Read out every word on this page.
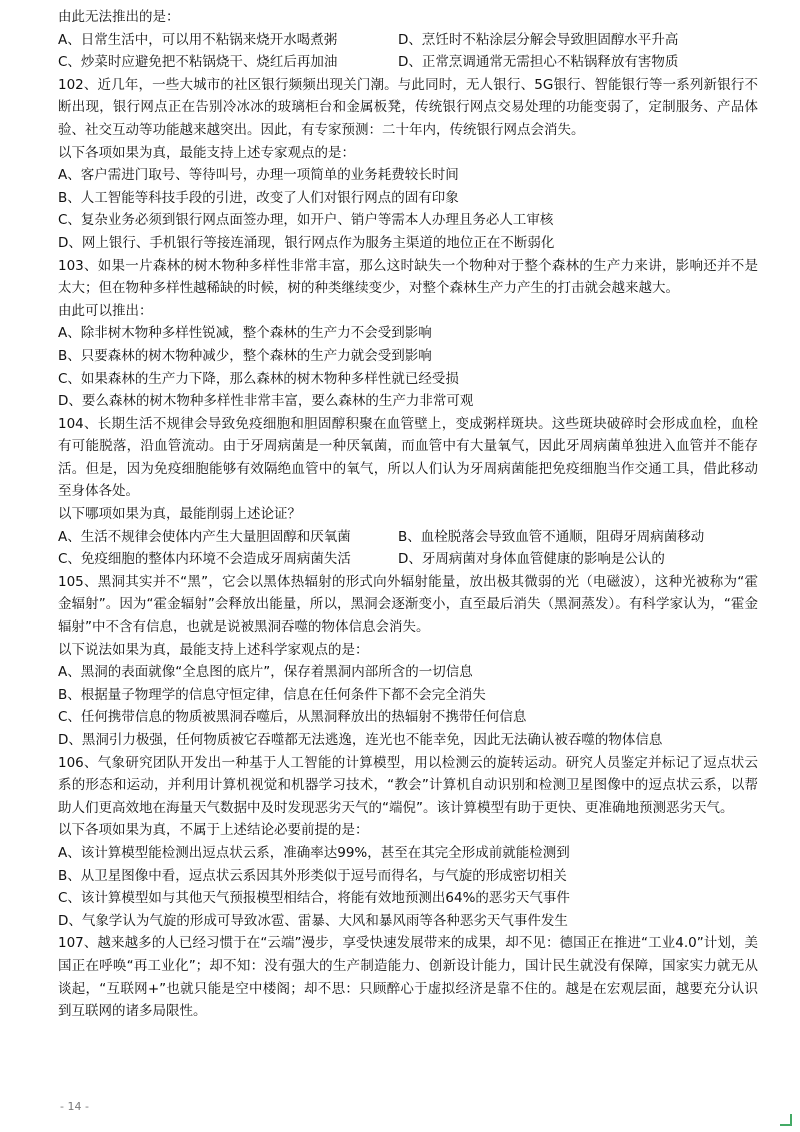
由此无法推出的是：
A、日常生活中，可以用不粘锅来烧开水喝煮粥	D、烹饪时不粘涂层分解会导致胆固醇水平升高
C、炒菜时应避免把不粘锅烧干、烧红后再加油	D、正常烹调通常无需担心不粘锅释放有害物质
102、近几年，一些大城市的社区银行频频出现关门潮。与此同时，无人银行、5G银行、智能银行等一系列新银行不断出现，银行网点正在告别冷冰冰的玻璃柜台和金属板凳，传统银行网点交易处理的功能变弱了，定制服务、产品体验、社交互动等功能越来越突出。因此，有专家预测：二十年内，传统银行网点会消失。
以下各项如果为真，最能支持上述专家观点的是：
A、客户需进门取号、等待叫号，办理一项简单的业务耗费较长时间
B、人工智能等科技手段的引进，改变了人们对银行网点的固有印象
C、复杂业务必须到银行网点面签办理，如开户、销户等需本人办理且务必人工审核
D、网上银行、手机银行等接连涌现，银行网点作为服务主渠道的地位正在不断弱化
103、如果一片森林的树木物种多样性非常丰富，那么这时缺失一个物种对于整个森林的生产力来讲，影响还并不是太大；但在物种多样性越稀缺的时候，树的种类继续变少，对整个森林生产力产生的打击就会越来越大。
由此可以推出：
A、除非树木物种多样性锐减，整个森林的生产力不会受到影响
B、只要森林的树木物种减少，整个森林的生产力就会受到影响
C、如果森林的生产力下降，那么森林的树木物种多样性就已经受损
D、要么森林的树木物种多样性非常丰富，要么森林的生产力非常可观
104、长期生活不规律会导致免疫细胞和胆固醇积聚在血管壁上，变成粥样斑块。这些斑块破碎时会形成血栓，血栓有可能脱落，沿血管流动。由于牙周病菌是一种厌氧菌，而血管中有大量氧气，因此牙周病菌单独进入血管并不能存活。但是，因为免疫细胞能够有效隔绝血管中的氧气，所以人们认为牙周病菌能把免疫细胞当作交通工具，借此移动至身体各处。
以下哪项如果为真，最能削弱上述论证？
A、生活不规律会使体内产生大量胆固醇和厌氧菌	B、血栓脱落会导致血管不通顺，阻碍牙周病菌移动
C、免疫细胞的整体内环境不会造成牙周病菌失活	D、牙周病菌对身体血管健康的影响是公认的
105、黑洞其实并不“黑”，它会以黑体热辐射的形式向外辐射能量，放出极其微弱的光（电磁波），这种光被称为“霍金辐射”。因为“霍金辐射”会释放出能量，所以，黑洞会逐渐变小，直至最后消失（黑洞蒸发）。有科学家认为，“霍金辐射”中不含有信息，也就是说被黑洞吞噬的物体信息会消失。
以下说法如果为真，最能支持上述科学家观点的是：
A、黑洞的表面就像“全息图的底片”，保存着黑洞内部所含的一切信息
B、根据量子物理学的信息守恒定律，信息在任何条件下都不会完全消失
C、任何携带信息的物质被黑洞吞噬后，从黑洞释放出的热辐射不携带任何信息
D、黑洞引力极强，任何物质被它吞噬都无法逃逸，连光也不能幸免，因此无法确认被吞噬的物体信息
106、气象研究团队开发出一种基于人工智能的计算模型，用以检测云的旋转运动。研究人员鉴定并标记了逗点状云系的形态和运动，并利用计算机视觉和机器学习技术，“教会”计算机自动识别和检测卫星图像中的逗点状云系，以帮助人们更高效地在海量天气数据中及时发现恶劣天气的“端倪”。该计算模型有助于更快、更准确地预测恶劣天气。
以下各项如果为真，不属于上述结论必要前提的是：
A、该计算模型能检测出逗点状云系，准确率达99%，甚至在其完全形成前就能检测到
B、从卫星图像中看，逗点状云系因其外形类似于逗号而得名，与气旋的形成密切相关
C、该计算模型如与其他天气预报模型相结合，将能有效地预测出64%的恶劣天气事件
D、气象学认为气旋的形成可导致冰雹、雷暴、大风和暴风雨等各种恶劣天气事件发生
107、越来越多的人已经习惯于在“云端”漫步，享受快速发展带来的成果，却不见：德国正在推进“工业4.0”计划，美国正在呼唤“再工业化”；却不知：没有强大的生产制造能力、创新设计能力，国计民生就没有保障，国家实力就无从谈起，“互联网+”也就只能是空中楼阁；却不思：只顾醉心于虚拟经济是靠不住的。越是在宏观层面，越要充分认识到互联网的诸多局限性。
- 14 -
